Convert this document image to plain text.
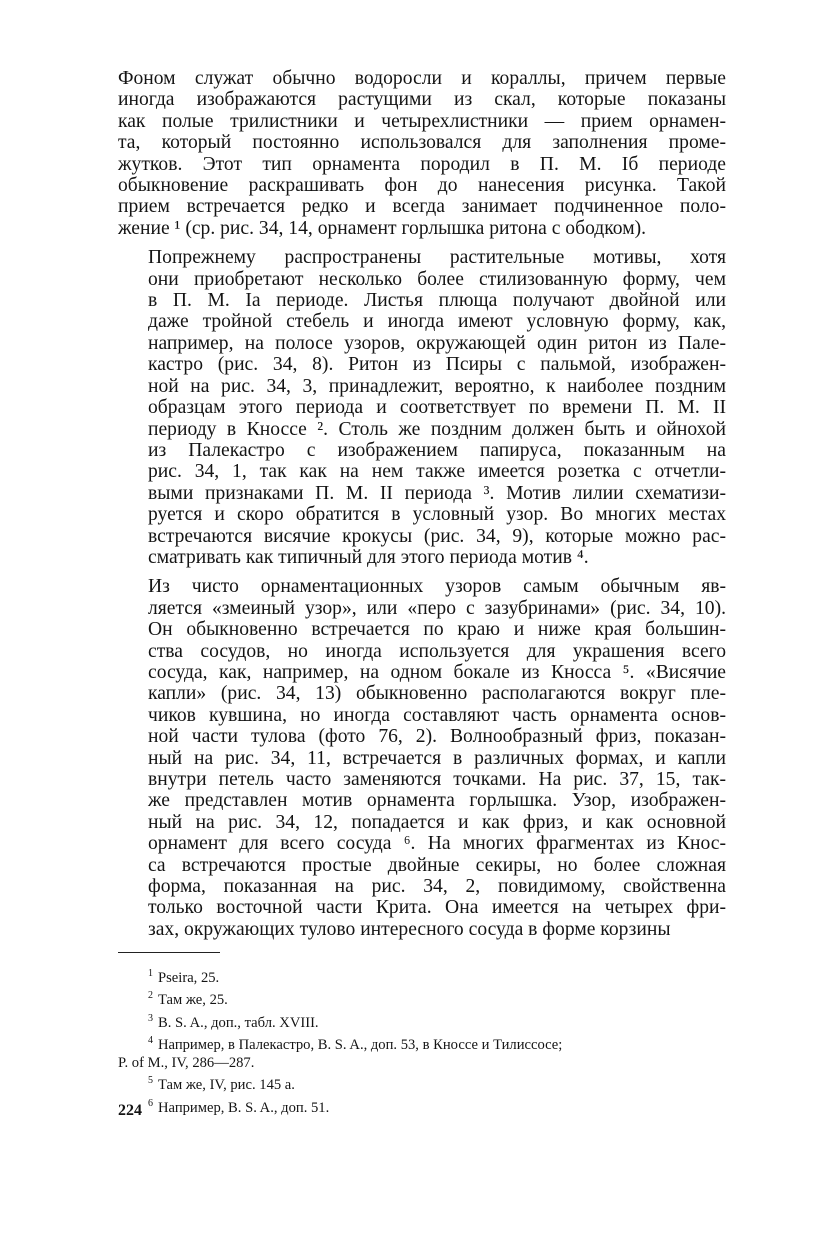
Фоном служат обычно водоросли и кораллы, причем первые
иногда изображаются растущими из скал, которые показаны
как полые трилистники и четырехлистники — прием орнамен-
та, который постоянно использовался для заполнения проме-
жутков. Этот тип орнамента породил в П. М. Iб периоде
обыкновение раскрашивать фон до нанесения рисунка. Такой
прием встречается редко и всегда занимает подчиненное поло-
жение ¹ (ср. рис. 34, 14, орнамент горлышка ритона с ободком).

Попрежнему распространены растительные мотивы, хотя
они приобретают несколько более стилизованную форму, чем
в П. М. Iа периоде. Листья плюща получают двойной или
даже тройной стебель и иногда имеют условную форму, как,
например, на полосе узоров, окружающей один ритон из Пале-
кастро (рис. 34, 8). Ритон из Псиры с пальмой, изображен-
ной на рис. 34, 3, принадлежит, вероятно, к наиболее поздним
образцам этого периода и соответствует по времени П. М. II
периоду в Кноссе ². Столь же поздним должен быть и ойнохой
из Палекастро с изображением папируса, показанным на
рис. 34, 1, так как на нем также имеется розетка с отчетли-
выми признаками П. М. II периода ³. Мотив лилии схематизи-
руется и скоро обратится в условный узор. Во многих местах
встречаются висячие крокусы (рис. 34, 9), которые можно рас-
сматривать как типичный для этого периода мотив ⁴.

Из чисто орнаментационных узоров самым обычным яв-
ляется «змеиный узор», или «перо с зазубринами» (рис. 34, 10).
Он обыкновенно встречается по краю и ниже края большин-
ства сосудов, но иногда используется для украшения всего
сосуда, как, например, на одном бокале из Кносса ⁵. «Висячие
капли» (рис. 34, 13) обыкновенно располагаются вокруг пле-
чиков кувшина, но иногда составляют часть орнамента основ-
ной части тулова (фото 76, 2). Волнообразный фриз, показан-
ный на рис. 34, 11, встречается в различных формах, и капли
внутри петель часто заменяются точками. На рис. 37, 15, так-
же представлен мотив орнамента горлышка. Узор, изображен-
ный на рис. 34, 12, попадается и как фриз, и как основной
орнамент для всего сосуда ⁶. На многих фрагментах из Кнос-
са встречаются простые двойные секиры, но более сложная
форма, показанная на рис. 34, 2, повидимому, свойственна
только восточной части Крита. Она имеется на четырех фри-
зах, окружающих тулово интересного сосуда в форме корзины

$^1$ Pseira, 25.
$^2$ Там же, 25.
$^3$ B. S. A., доп., табл. XVIII.
$^4$ Например, в Палекастро, B. S. A., доп. 53, в Кноссе и Тилиссосе;
P. of M., IV, 286—287.
$^5$ Там же, IV, рис. 145 a.
$^6$ Например, B. S. A., доп. 51.
224
